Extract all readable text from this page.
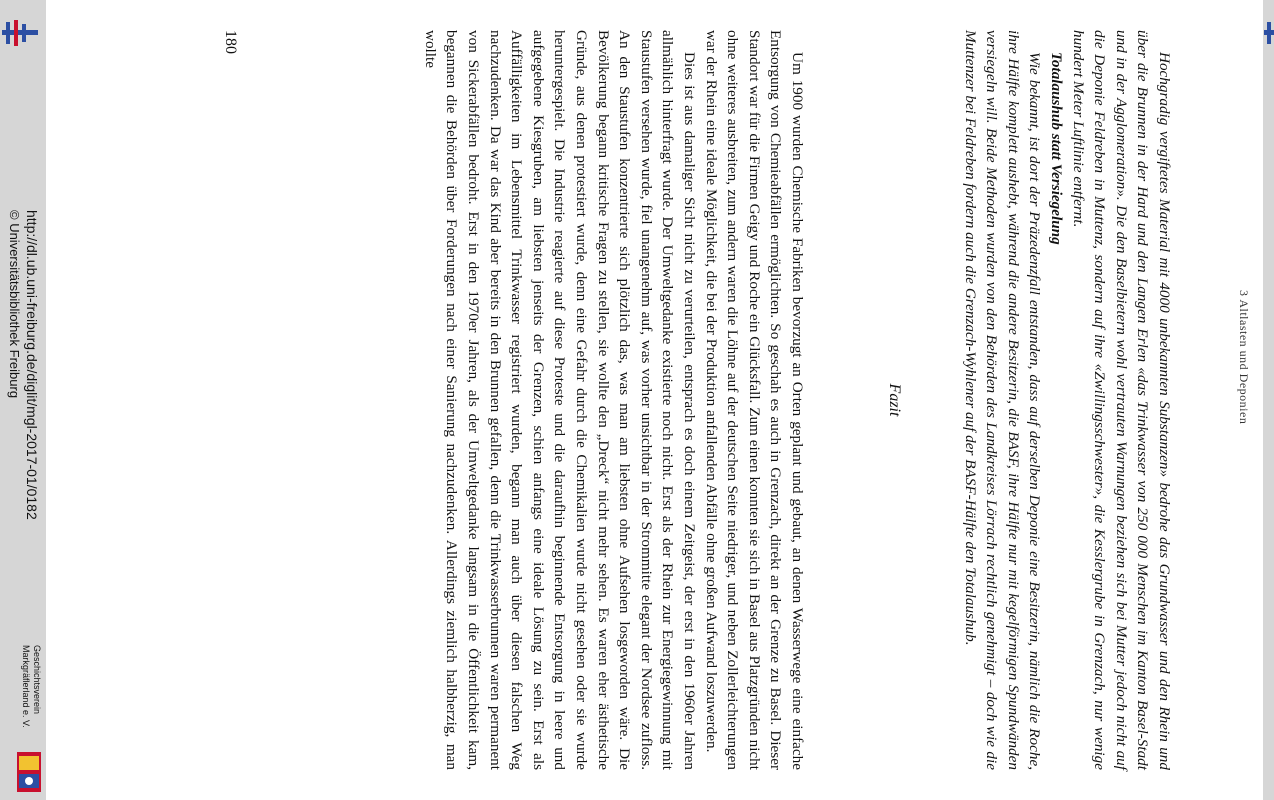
http://dl.ub.uni-freiburg.de/diglit/mgl-2017-01/0182
© Universitätsbibliothek Freiburg
Geschichtsverein
Markgräflerland e. V.
3 Altlasten und Deponien
Hochgradig vergiftetes Material mit 4000 unbekannten Substanzen» bedrohe das Grundwasser und den Rhein und über die Brunnen in der Hard und den Langen Erlen «das Trinkwasser von 250 000 Menschen im Kanton Basel-Stadt und in der Agglomeration». Die den Baselbietern wohl vertrauten Warnungen beziehen sich bei Mutter jedoch nicht auf die Deponie Feldreben in Muttenz, sondern auf ihre «Zwillingsschwester», die Kesslergrube in Grenzach, nur wenige hundert Meter Luftlinie entfernt.
Totalaushub statt Versiegelung
Wie bekannt, ist dort der Präzedenzfall entstanden, dass auf derselben Deponie eine Besitzerin, nämlich die Roche, ihre Hälfte komplett aushebt, während die andere Besitzerin, die BASF, ihre Hälfte nur mit kegelförmigen Spundwänden versiegeln will. Beide Methoden wurden von den Behörden des Landkreises Lörrach rechtlich genehmigt – doch wie die Muttenzer bei Feldreben fordern auch die Grenzach-Wyhlener auf der BASF-Hälfte den Totalaushub.
Fazit

Um 1900 wurden Chemische Fabriken bevorzugt an Orten geplant und gebaut, an denen Wasserwege eine einfache Entsorgung von Chemieabfällen ermöglichten. So geschah es auch in Grenzach, direkt an der Grenze zu Basel. Dieser Standort war für die Firmen Geigy und Roche ein Glücksfall. Zum einen konnten sie sich in Basel aus Platzgründen nicht ohne weiteres ausbreiten, zum andern waren die Löhne auf der deutschen Seite niedriger, und neben Zollerleichterungen war der Rhein eine ideale Möglichkeit, die bei der Produktion anfallenden Abfälle ohne großen Aufwand loszuwerden.

Dies ist aus damaliger Sicht nicht zu verurteilen, entsprach es doch einem Zeitgeist, der erst in den 1960er Jahren allmählich hinterfragt wurde. Der Umweltgedanke existierte noch nicht. Erst als der Rhein zur Energiegewinnung mit Staustufen versehen wurde, fiel unangenehm auf, was vorher unsichtbar in der Strommitte elegant der Nordsee zufloss. An den Staustufen konzentrierte sich plötzlich das, was man am liebsten ohne Aufsehen losgeworden wäre. Die Bevölkerung begann kritische Fragen zu stellen, sie wollte den „Dreck“ nicht mehr sehen. Es waren eher ästhetische Gründe, aus denen protestiert wurde, denn eine Gefahr durch die Chemikalien wurde nicht gesehen oder sie wurde heruntergespielt. Die Industrie reagierte auf diese Proteste und die daraufhin beginnende Entsorgung in leere und aufgegebene Kiesgruben, am liebsten jenseits der Grenzen, schien anfangs eine ideale Lösung zu sein. Erst als Auffälligkeiten im Lebensmittel Trinkwasser registriert wurden, begann man auch über diesen falschen Weg nachzudenken. Da war das Kind aber bereits in den Brunnen gefallen, denn die Trinkwasserbrunnen waren permanent von Sickerabfällen bedroht. Erst in den 1970er Jahren, als der Umweltgedanke langsam in die Öffentlichkeit kam, begannen die Behörden über Forderungen nach einer Sanierung nachzudenken. Allerdings ziemlich halbherzig, man wollte

180
